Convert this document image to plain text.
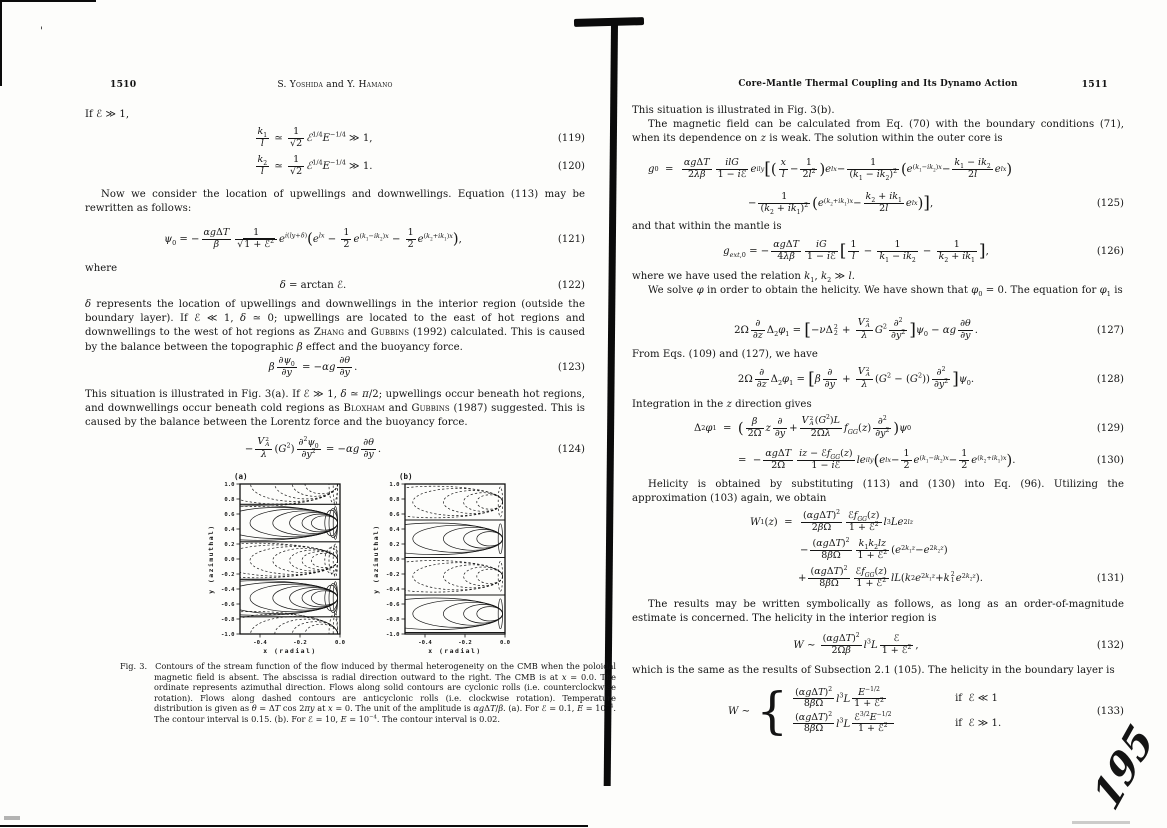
'
1510	S. Yoshida and Y. Hamano	Core-Mantle Thermal Coupling and Its Dynamo Action	1511
If ℰ ≫ 1,
$\frac{k_1}{l}$ ≃ $\frac{1}{√2}$ $ℰ^{1/4}E^{-1/4}$ ≫ 1,	(119)
$\frac{k_2}{l}$ ≃ $\frac{1}{√2}$ $ℰ^{1/4}E^{-1/4}$ ≫ 1.	(120)
Now we consider the location of upwellings and downwellings. Equation (113) may be rewritten as follows:
$\psi_0$ = −
αgΔT
β
1
√1 + ℰ$^2$ $e^{i(ly+\delta)}(e^{lx} - \frac{1}{2} e^{(k_1-ik_2)x} - \frac{1}{2} e^{(k_2+ik_1)x})$,	(121)
where
δ = arctan ℰ.	(122)
δ represents the location of upwellings and downwellings in the interior region (outside the boundary layer). If ℰ ≪ 1, δ ≃ 0; upwellings are located to the east of hot regions and downwellings to the west of hot regions as Zhang and Gubbins (1992) calculated. This is caused by the balance between the topographic β effect and the buoyancy force.
β $\frac{\partial\psi_0}{\partial y} = -\alpha g \frac{\partial\theta}{\partial y}$ .	(123)
This situation is illustrated in Fig. 3(a). If ℰ ≫ 1, δ ≃ π/2; upwellings occur beneath hot regions, and downwellings occur beneath cold regions as Bloxham and Gubbins (1987) suggested. This is caused by the balance between the Lorentz force and the buoyancy force.
− V 2
A
λ $(G^2) \frac{\partial^2\psi_0}{\partial y^2} = -\alpha g \frac{\partial\theta}{\partial y}$ .	(124)
(a)
1.0
0.8
0.6
0.4
0.2
0.0
-0.2
-0.4
-0.6
-0.8
-1.0
-0.4	-0.2	0.0
x (radial)
y (azimuthal)
(b)
1.0
0.8
0.6
0.4
0.2
0.0
-0.2
-0.4
-0.6
-0.8
-1.0
-0.4	-0.2	0.0
x (radial)
y (azimuthal)
Fig. 3. Contours of the stream function of the flow induced by thermal heterogeneity on the CMB when the poloidal magnetic field is absent. The abscissa is radial direction outward to the right. The CMB is at x = 0.0. The ordinate represents azimuthal direction. Flows along solid contours are cyclonic rolls (i.e. counterclockwise rotation). Flows along dashed contours are anticyclonic rolls (i.e. clockwise rotation). Temperature distribution is given as θ = ΔT cos 2πy at x = 0. The unit of the amplitude is αgΔT/β. (a). For ℰ = 0.1, $E = 10^{-4}$. The contour interval is 0.15. (b). For ℰ = 10, $E = 10^{-4}$. The contour interval is 0.02.
This situation is illustrated in Fig. 3(b).
The magnetic field can be calculated from Eq. (70) with the boundary conditions (71), when its dependence on z is weak. The solution within the outer core is
g 0 =
αgΔT
2λβ
ilG
1 − iℰ e ily [ ( x
l −
1
$2l^2$ ) e lx −
1
$(k_1 - ik_2)^2$ ( e $(k_1-ik_2)x$ −
$k_1 - ik_2$
2l	e lx )
−
1
$(k_2 + ik_1)^2$ ( e $(k_2+ik_1)x$ −
$k_2 + ik_1$
2l	e lx ) ] ,	(125)
and that within the mantle is
$g_{ext,0}$ = −
αgΔT
4λβ
iG
1 − iℰ [ $\frac{1}{l} - \frac{1}{k_1 - ik_2} - \frac{1}{k_2 + ik_1}$ ],	(126)
where we have used the relation $k_1$, $k_2$ ≫ l.
We solve φ in order to obtain the helicity. We have shown that $\varphi_0 = 0$. The equation for $\varphi_1$ is
2Ω
∂
∂z $\Delta_2\varphi_1 = [-\nu\Delta$ 2
2 + V 2
A
λ $G^2 \frac{\partial^2}{\partial y^2} ]\psi_0 - \alpha g \frac{\partial\theta}{\partial y}$ .	(127)
From Eqs. (109) and (127), we have
2Ω
∂
∂z $\Delta_2\varphi_1 = [\beta$
∂
∂y + V 2
A
λ $(G^2 - (G^2)) \frac{\partial^2}{\partial y^2} ]\psi_0$.	(128)
Integration in the z direction gives
Δ 2 φ 1 = ( β
2Ω z
∂
∂y +
V 2
A $(G^2)L$
2Ωλ
$f_{GG}$ ( z )
∂$^2$
$\partial y^2$ ) ψ 0	(129)
=  −
αgΔT
2Ω
iz − ℰf$_{GG}$(z)
1 − iℰ	le ily ( e lx −
1
2 e $(k_1-ik_2)x$ −
1
2 e $(k_2+ik_1)x$ ) .	(130)
Helicity is obtained by substituting (113) and (130) into Eq. (96). Utilizing the approximation (103) again, we obtain
W 1 ( z )  =
$(\alpha g\Delta T)^2$
2βΩ
ℰf$_{GG}$(z)
1 + ℰ$^2$ l 3 Le 2lz
−
$(\alpha g\Delta T)^2$
8βΩ
$k_1k_2lz$
1 + ℰ$^2$ ( e $2k_1z - e$ $2k_2z$ )
+
$(\alpha g\Delta T)^2$
8βΩ
ℰf$_{GG}$(z)
1 + ℰ$^2$ lL ( k 2 e $2k_1z + k$ 2
1 e $2k_2z$ ).	(131)
The results may be written symbolically as follows, as long as an order-of-magnitude estimate is concerned. The helicity in the interior region is
W ∼
$(\alpha g\Delta T)^2$
2Ωβ	$l^3L$
ℰ
1 + ℰ$^2$ ,	(132)
which is the same as the results of Subsection 2.1 (105). The helicity in the boundary layer is
W ∼ { $(\alpha g\Delta T)^2$
8βΩ	$l^3L$
$E^{-1/2}$
1 + ℰ$^2$	if  ℰ ≪ 1
$(\alpha g\Delta T)^2$
8βΩ	$l^3L$
$ℰ^{3/2}E^{-1/2}$
1 + ℰ$^2$	if  ℰ ≫ 1.
(133)
195
